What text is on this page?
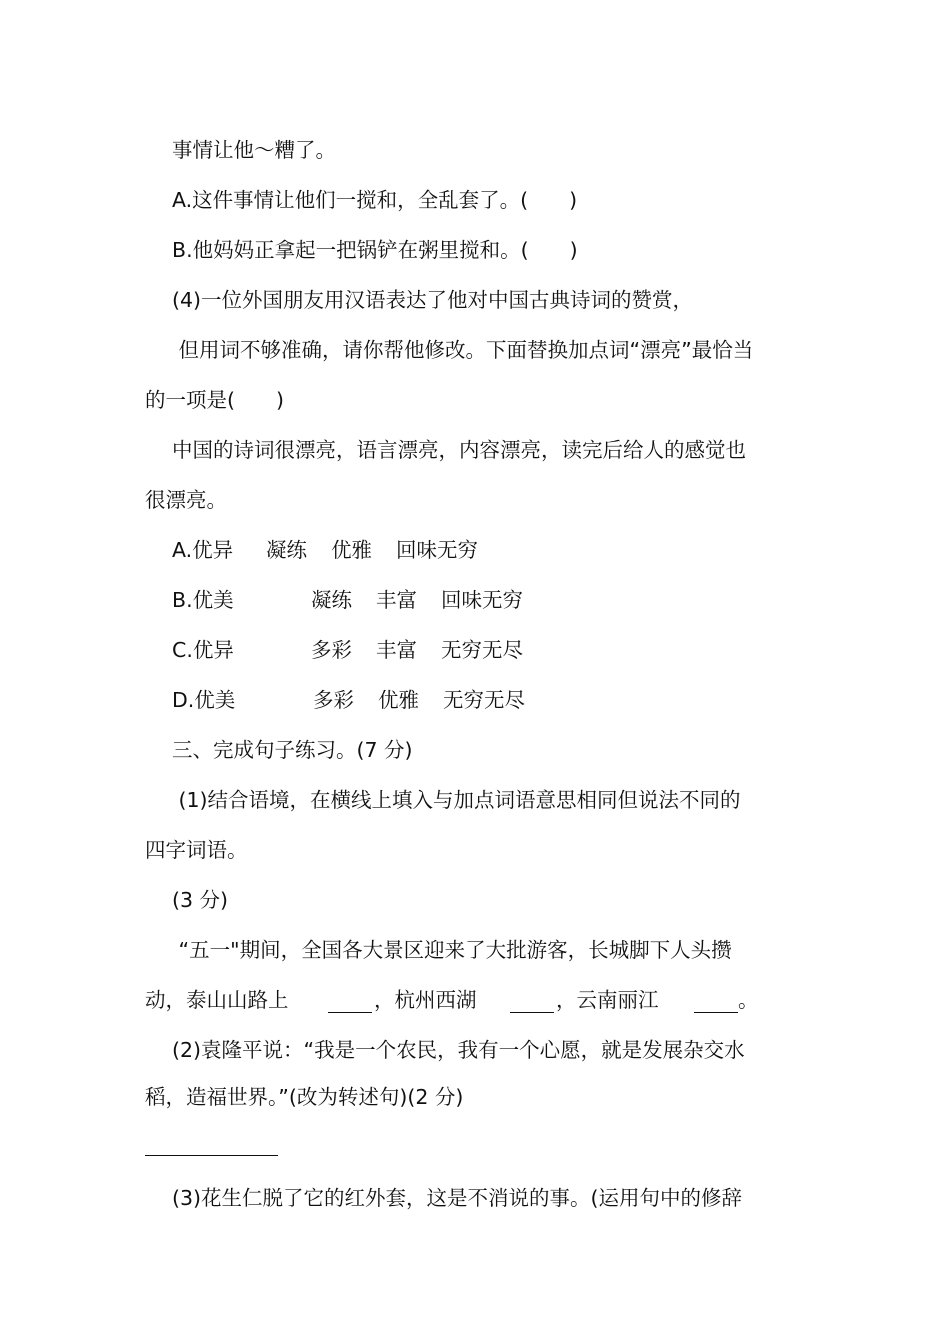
事情让他～糟了。
A.这件事情让他们一搅和，全乱套了。(　　)
B.他妈妈正拿起一把锅铲在粥里搅和。(　　)
(4)一位外国朋友用汉语表达了他对中国古典诗词的赞赏，
但用词不够准确，请你帮他修改。下面替换加点词“漂亮”最恰当
的一项是(　　)
中国的诗词很漂亮，语言漂亮，内容漂亮，读完后给人的感觉也
很漂亮。
A.优异 凝练 优雅 回味无穷
B.优美	凝练 丰富 回味无穷
C.优异	多彩 丰富 无穷无尽
D.优美	多彩 优雅 无穷无尽
三、完成句子练习。(7 分)
(1)结合语境，在横线上填入与加点词语意思相同但说法不同的
四字词语。
(3 分)
“五一"期间，全国各大景区迎来了大批游客，长城脚下人头攒
动，泰山山路上	，杭州西湖	，云南丽江	。
(2)袁隆平说：“我是一个农民，我有一个心愿，就是发展杂交水
稻，造福世界。”(改为转述句)(2 分)
(3)花生仁脱了它的红外套，这是不消说的事。(运用句中的修辞
